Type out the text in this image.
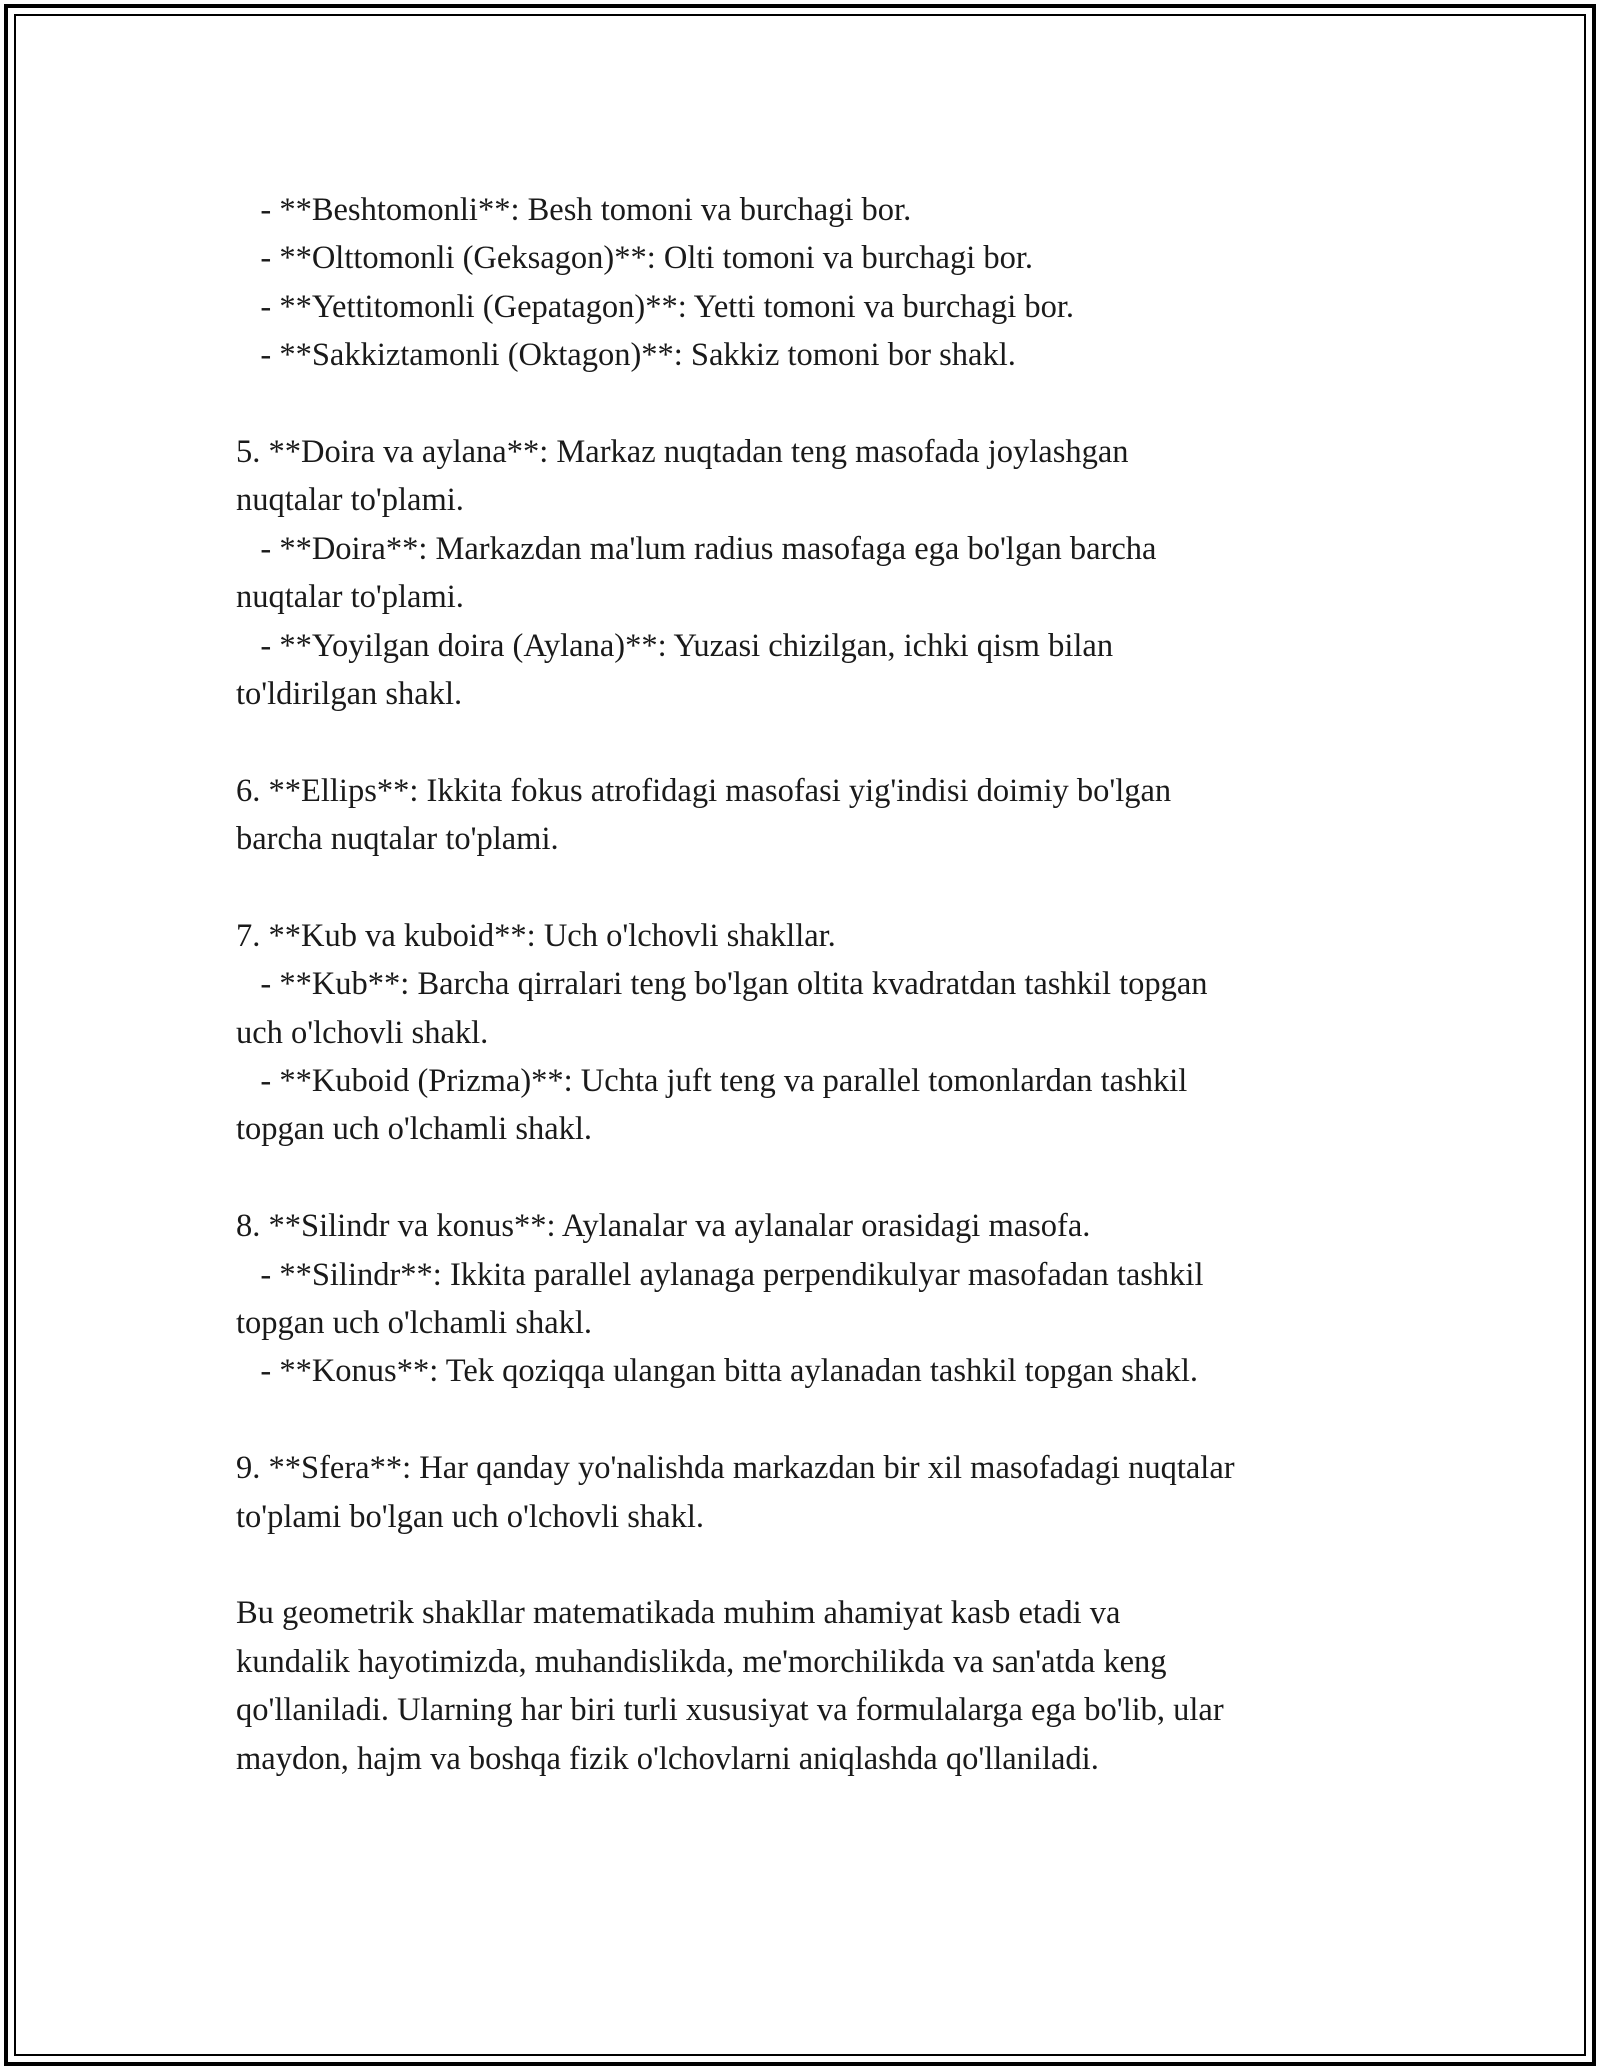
- **Beshtomonli**: Besh tomoni va burchagi bor.
- **Olttomonli (Geksagon)**: Olti tomoni va burchagi bor.
- **Yettitomonli (Gepatagon)**: Yetti tomoni va burchagi bor.
- **Sakkiztamonli (Oktagon)**: Sakkiz tomoni bor shakl.
5. **Doira va aylana**: Markaz nuqtadan teng masofada joylashgan
nuqtalar to'plami.
- **Doira**: Markazdan ma'lum radius masofaga ega bo'lgan barcha
nuqtalar to'plami.
- **Yoyilgan doira (Aylana)**: Yuzasi chizilgan, ichki qism bilan
to'ldirilgan shakl.
6. **Ellips**: Ikkita fokus atrofidagi masofasi yig'indisi doimiy bo'lgan
barcha nuqtalar to'plami.
7. **Kub va kuboid**: Uch o'lchovli shakllar.
- **Kub**: Barcha qirralari teng bo'lgan oltita kvadratdan tashkil topgan
uch o'lchovli shakl.
- **Kuboid (Prizma)**: Uchta juft teng va parallel tomonlardan tashkil
topgan uch o'lchamli shakl.
8. **Silindr va konus**: Aylanalar va aylanalar orasidagi masofa.
- **Silindr**: Ikkita parallel aylanaga perpendikulyar masofadan tashkil
topgan uch o'lchamli shakl.
- **Konus**: Tek qoziqqa ulangan bitta aylanadan tashkil topgan shakl.
9. **Sfera**: Har qanday yo'nalishda markazdan bir xil masofadagi nuqtalar
to'plami bo'lgan uch o'lchovli shakl.
Bu geometrik shakllar matematikada muhim ahamiyat kasb etadi va
kundalik hayotimizda, muhandislikda, me'morchilikda va san'atda keng
qo'llaniladi. Ularning har biri turli xususiyat va formulalarga ega bo'lib, ular
maydon, hajm va boshqa fizik o'lchovlarni aniqlashda qo'llaniladi.
